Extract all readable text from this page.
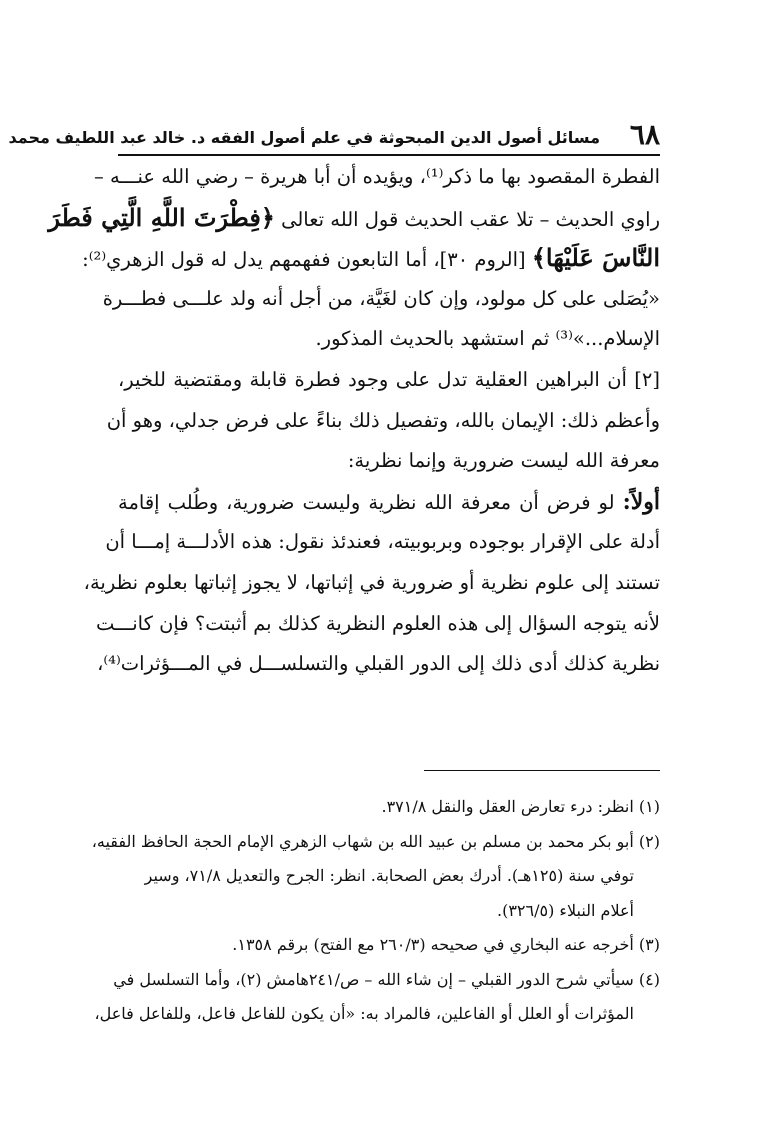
٦٨
مسائل أصول الدين المبحوثة في علم أصول الفقه د. خالد عبد اللطيف محمد
الفطرة المقصود بها ما ذكر⁽¹⁾، ويؤيده أن أبا هريرة – رضي الله عنـــه –
راوي الحديث – تلا عقب الحديث قول الله تعالى ﴿فِطْرَتَ اللَّهِ الَّتِي فَطَرَ
النَّاسَ عَلَيْهَا﴾ [الروم ٣٠]، أما التابعون ففهمهم يدل له قول الزهري⁽²⁾:
«يُصَلى على كل مولود، وإن كان لغَيَّة، من أجل أنه ولد علـــى فطـــرة
الإسلام...»⁽³⁾ ثم استشهد بالحديث المذكور.
[٢] أن البراهين العقلية تدل على وجود فطرة قابلة ومقتضية للخير،
وأعظم ذلك: الإيمان بالله، وتفصيل ذلك بناءً على فرض جدلي، وهو أن
معرفة الله ليست ضرورية وإنما نظرية:
أولاً: لو فرض أن معرفة الله نظرية وليست ضرورية، وطُلب إقامة
أدلة على الإقرار بوجوده وبربوبيته، فعندئذ نقول: هذه الأدلـــة إمـــا أن
تستند إلى علوم نظرية أو ضرورية في إثباتها، لا يجوز إثباتها بعلوم نظرية،
لأنه يتوجه السؤال إلى هذه العلوم النظرية كذلك بم أثبتت؟ فإن كانـــت
نظرية كذلك أدى ذلك إلى الدور القبلي والتسلســـل في المـــؤثرات⁽⁴⁾،
(١) انظر: درء تعارض العقل والنقل ٣٧١/٨.
(٢) أبو بكر محمد بن مسلم بن عبيد الله بن شهاب الزهري الإمام الحجة الحافظ الفقيه،
توفي سنة (١٢٥هـ). أدرك بعض الصحابة. انظر: الجرح والتعديل ٧١/٨، وسير
أعلام النبلاء (٣٢٦/٥).
(٣) أخرجه عنه البخاري في صحيحه (٢٦٠/٣ مع الفتح) برقم ١٣٥٨.
(٤) سيأتي شرح الدور القبلي – إن شاء الله – ص/٢٤١هامش (٢)، وأما التسلسل في
المؤثرات أو العلل أو الفاعلين، فالمراد به: «أن يكون للفاعل فاعل، وللفاعل فاعل،
